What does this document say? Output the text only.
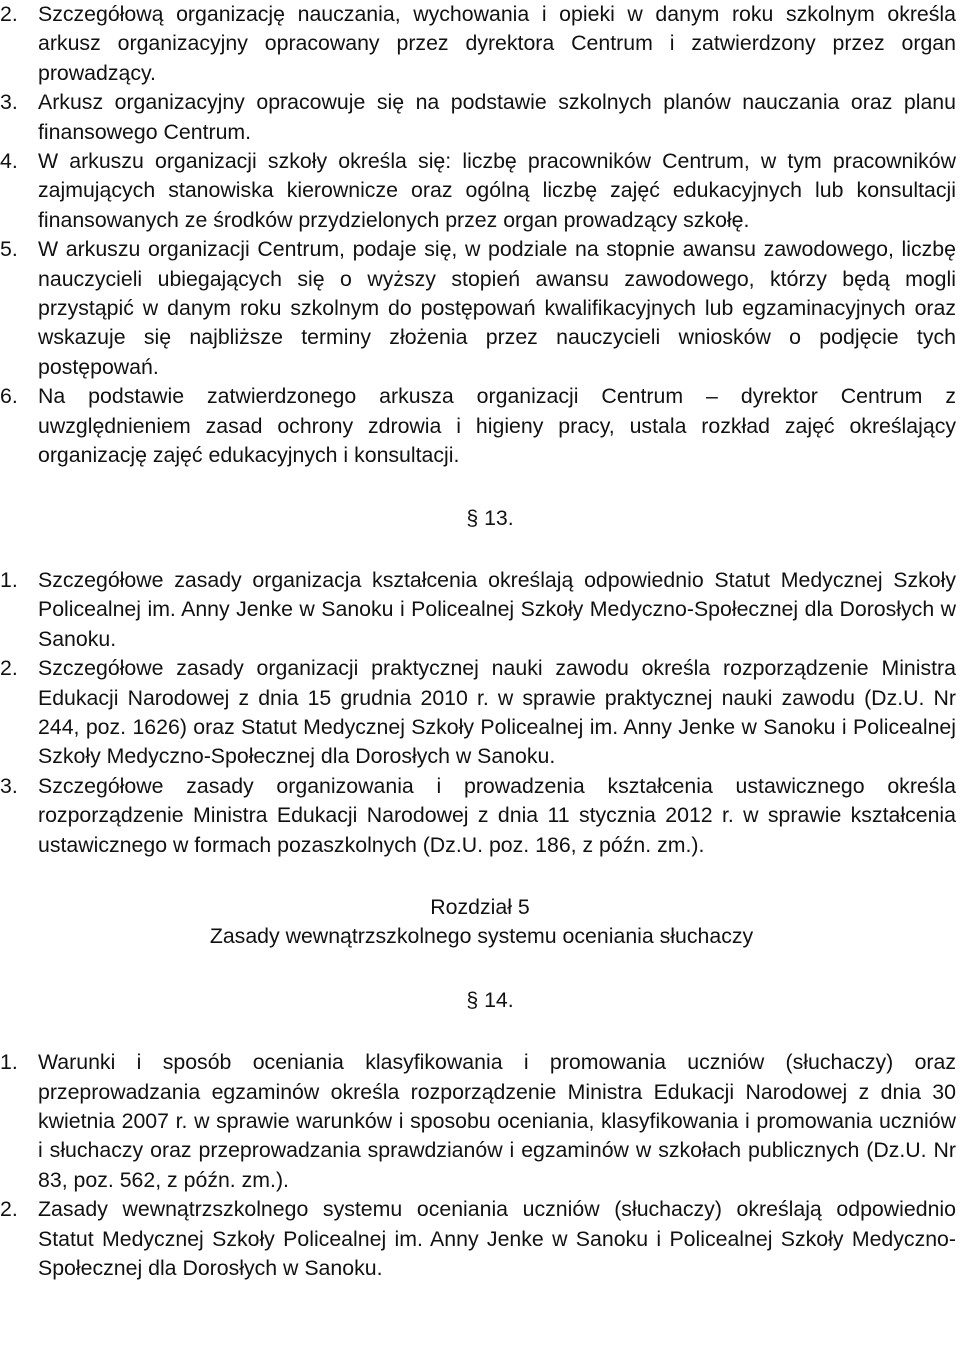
2. Szczegółową organizację nauczania, wychowania i opieki w danym roku szkolnym określa arkusz organizacyjny opracowany przez dyrektora Centrum i zatwierdzony przez organ prowadzący.
3. Arkusz organizacyjny opracowuje się na podstawie szkolnych planów nauczania oraz planu finansowego Centrum.
4. W arkuszu organizacji szkoły określa się: liczbę pracowników Centrum, w tym pracowników zajmujących stanowiska kierownicze oraz ogólną liczbę zajęć edukacyjnych lub konsultacji finansowanych ze środków przydzielonych przez organ prowadzący szkołę.
5. W arkuszu organizacji Centrum, podaje się, w podziale na stopnie awansu zawodowego, liczbę nauczycieli ubiegających się o wyższy stopień awansu zawodowego, którzy będą mogli przystąpić w danym roku szkolnym do postępowań kwalifikacyjnych lub egzaminacyjnych oraz wskazuje się najbliższe terminy złożenia przez nauczycieli wniosków o podjęcie tych postępowań.
6. Na podstawie zatwierdzonego arkusza organizacji Centrum – dyrektor Centrum z uwzględnieniem zasad ochrony zdrowia i higieny pracy, ustala rozkład zajęć określający organizację zajęć edukacyjnych i konsultacji.
§ 13.
1. Szczegółowe zasady organizacja kształcenia określają odpowiednio Statut Medycznej Szkoły Policealnej im. Anny Jenke w Sanoku i Policealnej Szkoły Medyczno-Społecznej dla Dorosłych w Sanoku.
2. Szczegółowe zasady organizacji praktycznej nauki zawodu określa rozporządzenie Ministra Edukacji Narodowej z dnia 15 grudnia 2010 r. w sprawie praktycznej nauki zawodu (Dz.U. Nr 244, poz. 1626) oraz Statut Medycznej Szkoły Policealnej im. Anny Jenke w Sanoku i Policealnej Szkoły Medyczno-Społecznej dla Dorosłych w Sanoku.
3. Szczegółowe zasady organizowania i prowadzenia kształcenia ustawicznego określa rozporządzenie Ministra Edukacji Narodowej z dnia 11 stycznia 2012 r. w sprawie kształcenia ustawicznego w formach pozaszkolnych (Dz.U. poz. 186, z późn. zm.).
Rozdział 5
Zasady wewnątrzszkolnego systemu oceniania słuchaczy
§ 14.
1. Warunki i sposób oceniania klasyfikowania i promowania uczniów (słuchaczy) oraz przeprowadzania egzaminów określa rozporządzenie Ministra Edukacji Narodowej z dnia 30 kwietnia 2007 r. w sprawie warunków i sposobu oceniania, klasyfikowania i promowania uczniów i słuchaczy oraz przeprowadzania sprawdzianów i egzaminów w szkołach publicznych (Dz.U. Nr 83, poz. 562, z późn. zm.).
2. Zasady wewnątrzszkolnego systemu oceniania uczniów (słuchaczy) określają odpowiednio Statut Medycznej Szkoły Policealnej im. Anny Jenke w Sanoku i Policealnej Szkoły Medyczno-Społecznej dla Dorosłych w Sanoku.
